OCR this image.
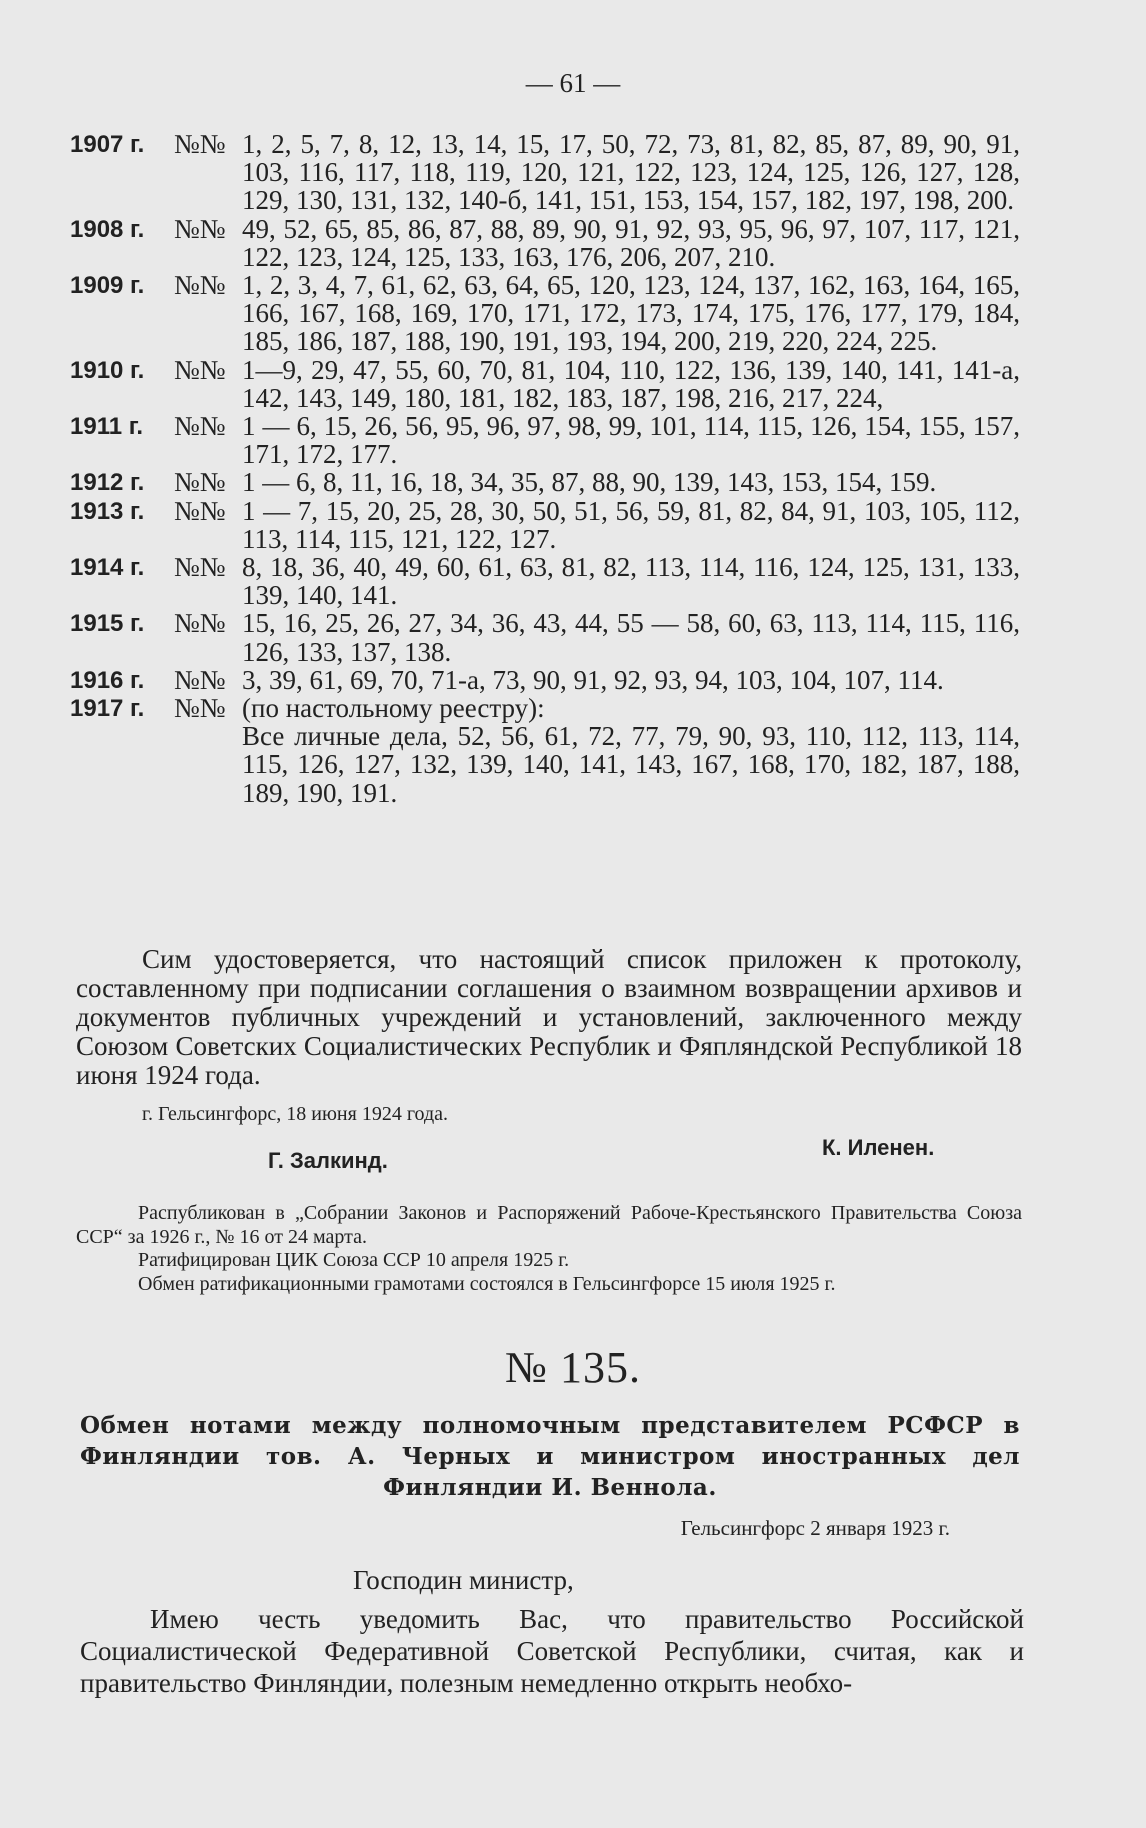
— 61 —
1907 г. №№ 1, 2, 5, 7, 8, 12, 13, 14, 15, 17, 50, 72, 73, 81, 82, 85, 87, 89, 90, 91, 103, 116, 117, 118, 119, 120, 121, 122, 123, 124, 125, 126, 127, 128, 129, 130, 131, 132, 140-б, 141, 151, 153, 154, 157, 182, 197, 198, 200.
1908 г. №№ 49, 52, 65, 85, 86, 87, 88, 89, 90, 91, 92, 93, 95, 96, 97, 107, 117, 121, 122, 123, 124, 125, 133, 163, 176, 206, 207, 210.
1909 г. №№ 1, 2, 3, 4, 7, 61, 62, 63, 64, 65, 120, 123, 124, 137, 162, 163, 164, 165, 166, 167, 168, 169, 170, 171, 172, 173, 174, 175, 176, 177, 179, 184, 185, 186, 187, 188, 190, 191, 193, 194, 200, 219, 220, 224, 225.
1910 г. №№ 1—9, 29, 47, 55, 60, 70, 81, 104, 110, 122, 136, 139, 140, 141, 141-а, 142, 143, 149, 180, 181, 182, 183, 187, 198, 216, 217, 224,
1911 г. №№ 1 — 6, 15, 26, 56, 95, 96, 97, 98, 99, 101, 114, 115, 126, 154, 155, 157, 171, 172, 177.
1912 г. №№ 1 — 6, 8, 11, 16, 18, 34, 35, 87, 88, 90, 139, 143, 153, 154, 159.
1913 г. №№ 1 — 7, 15, 20, 25, 28, 30, 50, 51, 56, 59, 81, 82, 84, 91, 103, 105, 112, 113, 114, 115, 121, 122, 127.
1914 г. №№ 8, 18, 36, 40, 49, 60, 61, 63, 81, 82, 113, 114, 116, 124, 125, 131, 133, 139, 140, 141.
1915 г. №№ 15, 16, 25, 26, 27, 34, 36, 43, 44, 55 — 58, 60, 63, 113, 114, 115, 116, 126, 133, 137, 138.
1916 г. №№ 3, 39, 61, 69, 70, 71-а, 73, 90, 91, 92, 93, 94, 103, 104, 107, 114.
1917 г. №№ (по настольному реестру):
Все личные дела, 52, 56, 61, 72, 77, 79, 90, 93, 110, 112, 113, 114, 115, 126, 127, 132, 139, 140, 141, 143, 167, 168, 170, 182, 187, 188, 189, 190, 191.

Сим удостоверяется, что настоящий список приложен к протоколу, составленному при подписании соглашения о взаимном возвращении архивов и документов публичных учреждений и установлений, заключенного между Союзом Советских Социалистических Республик и Фяпляндской Республикой 18 июня 1924 года.

г. Гельсингфорс, 18 июня 1924 года.
Г. Залкинд.
К. Иленен.

Распубликован в „Собрании Законов и Распоряжений Рабоче-Крестьянского Правительства Союза ССР“ за 1926 г., № 16 от 24 марта.

Ратифицирован ЦИК Союза ССР 10 апреля 1925 г.

Обмен ратификационными грамотами состоялся в Гельсингфорсе 15 июля 1925 г.

№ 135.

Обмен нотами между полномочным представителем РСФСР в Финляндии тов. А. Черных и министром иностранных дел Финляндии И. Веннола.

Гельсингфорс 2 января 1923 г.
Господин министр,

Имею честь уведомить Вас, что правительство Российской Социалистической Федеративной Советской Республики, считая, как и правительство Финляндии, полезным немедленно открыть необхо-
